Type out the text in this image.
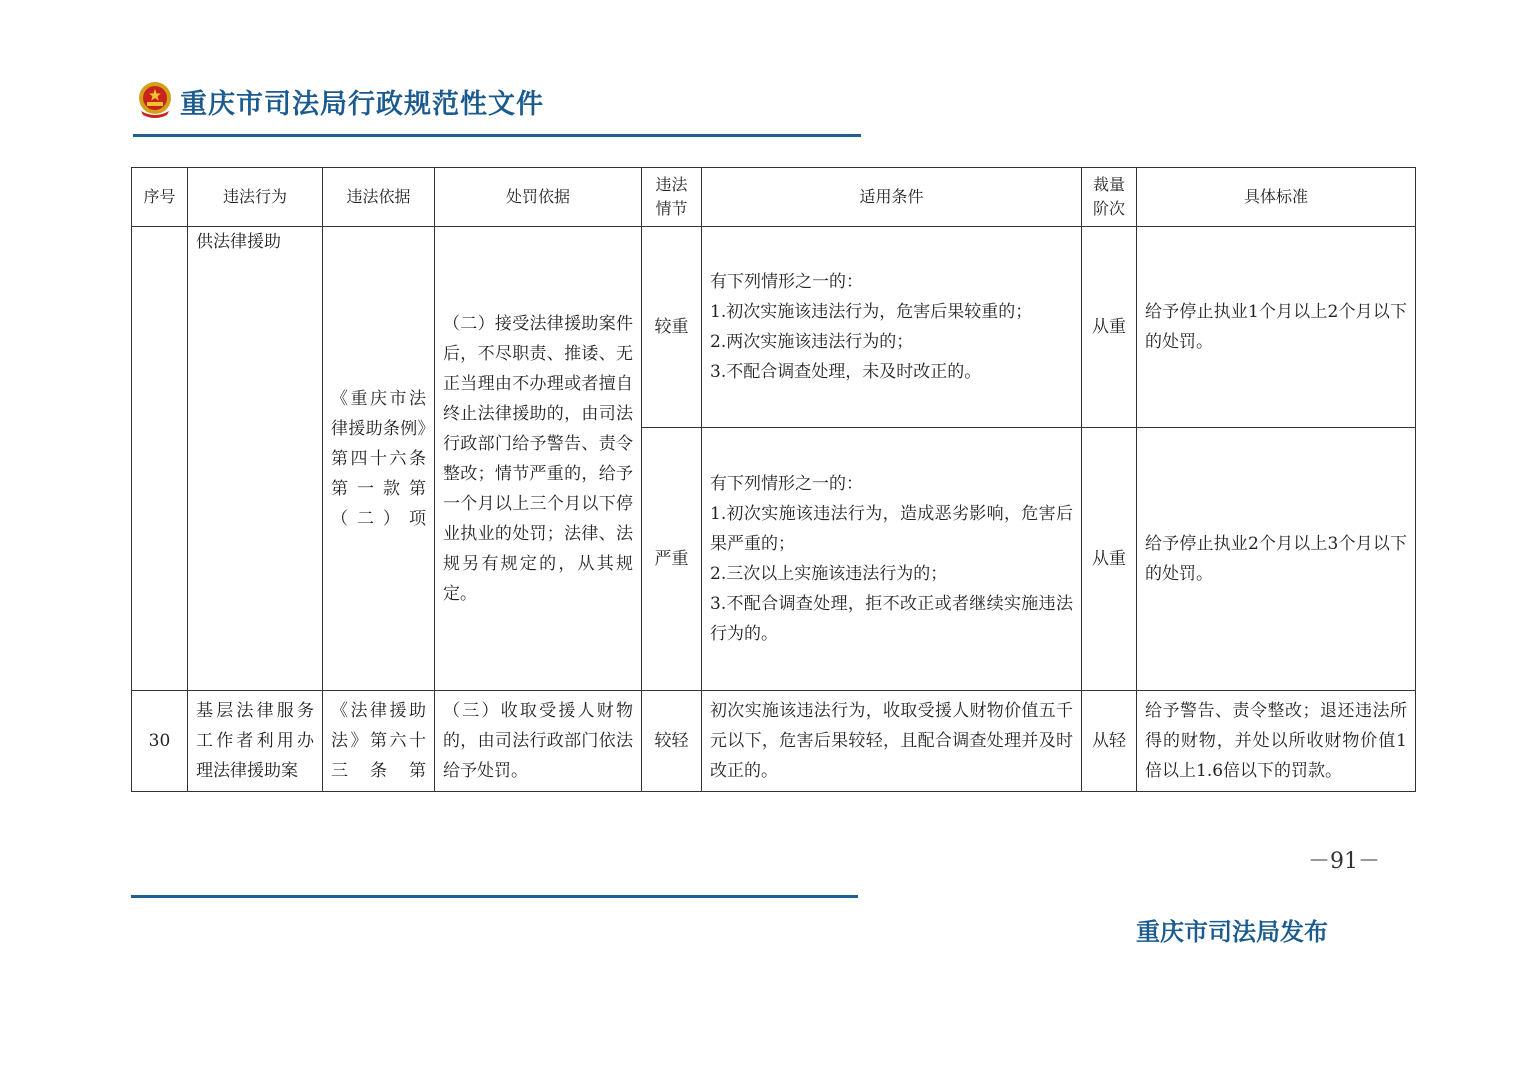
重庆市司法局行政规范性文件
序号	违法行为	违法依据	处罚依据	违法情节	适用条件	裁量阶次	具体标准
	供法律援助	《重庆市法律援助条例》第四十六条第一款第（二）项	（二）接受法律援助案件后，不尽职责、推诿、无正当理由不办理或者擅自终止法律援助的，由司法行政部门给予警告、责令整改；情节严重的，给予一个月以上三个月以下停业执业的处罚；法律、法规另有规定的，从其规定。	较重	有下列情形之一的：

1.初次实施该违法行为，危害后果较重的；

2.两次实施该违法行为的；

3.不配合调查处理，未及时改正的。	从重	给予停止执业1个月以上2个月以下的处罚。
				严重	有下列情形之一的：

1.初次实施该违法行为，造成恶劣影响，危害后果严重的；

2.三次以上实施该违法行为的；

3.不配合调查处理，拒不改正或者继续实施违法行为的。	从重	给予停止执业2个月以上3个月以下的处罚。
30	基层法律服务工作者利用办理法律援助案	《法律援助法》第六十三条第	（三）收取受援人财物的，由司法行政部门依法给予处罚。	较轻	初次实施该违法行为，收取受援人财物价值五千元以下，危害后果较轻，且配合调查处理并及时改正的。	从轻	给予警告、责令整改；退还违法所得的财物，并处以所收财物价值1倍以上1.6倍以下的罚款。
－91－
重庆市司法局发布
